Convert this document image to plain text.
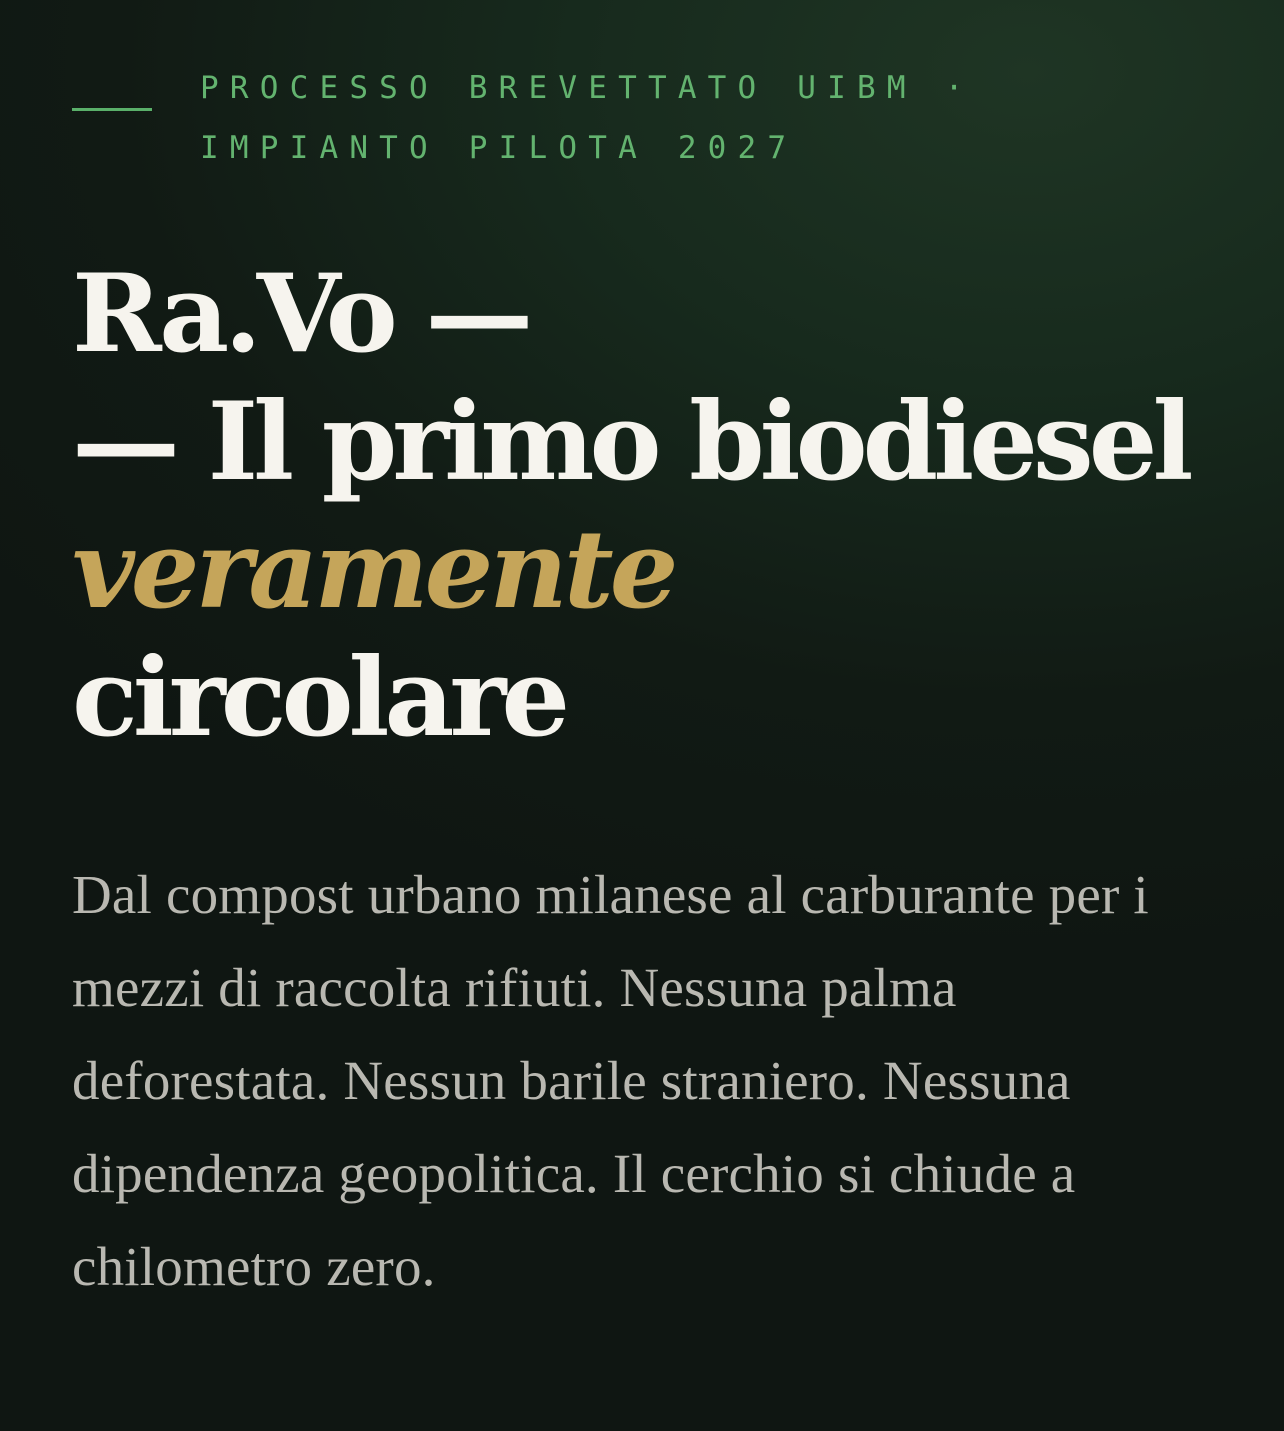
PROCESSO BREVETTATO UIBM ·
IMPIANTO PILOTA 2027
Ra.Vo —
— Il primo biodiesel
veramente
circolare

Dal compost urbano milanese al carburante per i mezzi di raccolta rifiuti. Nessuna palma deforestata. Nessun barile straniero. Nessuna dipendenza geopolitica. Il cerchio si chiude a chilometro zero.
